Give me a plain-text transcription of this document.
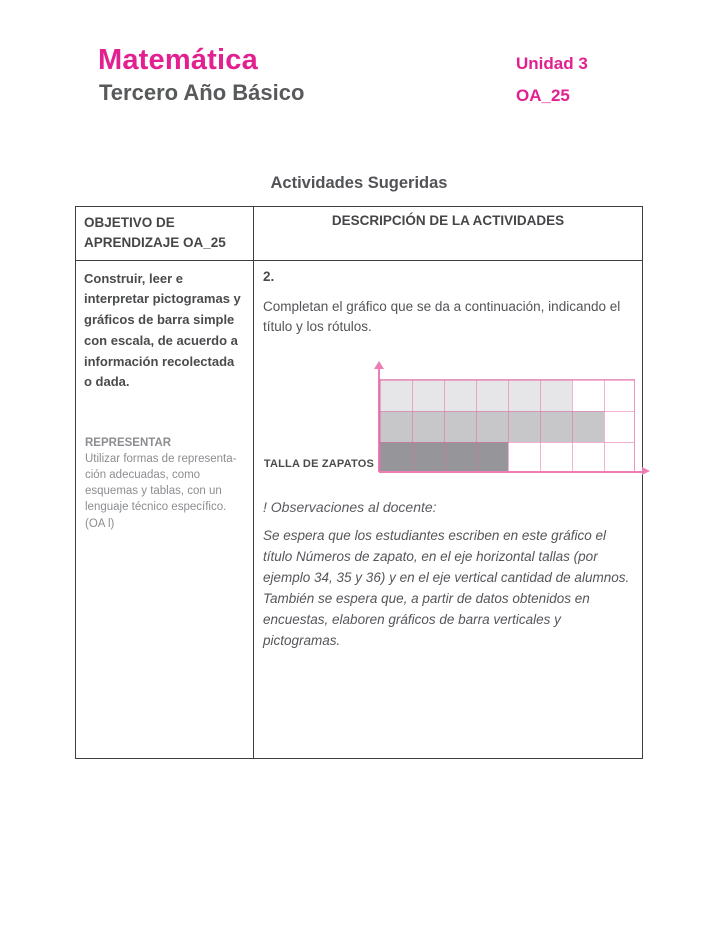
Matemática
Tercero Año Básico
Unidad 3
OA_25
Actividades Sugeridas
OBJETIVO DE APRENDIZAJE OA_25	DESCRIPCIÓN DE LA ACTIVIDADES

Construir, leer e interpretar pictogramas y gráficos de barra simple con escala, de acuerdo a información recolectada o dada.

REPRESENTAR
Utilizar formas de representa-ción adecuadas, como esquemas y tablas, con un lenguaje técnico específico. (OA l)

2.

Completan el gráfico que se da a continuación, indicando el título y los rótulos.

TALLA DE ZAPATOS

! Observaciones al docente:

Se espera que los estudiantes escriben en este gráfico el título Números de zapato, en el eje horizontal tallas (por ejemplo 34, 35 y 36) y en el eje vertical cantidad de alumnos. También se espera que, a partir de datos obtenidos en encuestas, elaboren gráficos de barra verticales y pictogramas.
